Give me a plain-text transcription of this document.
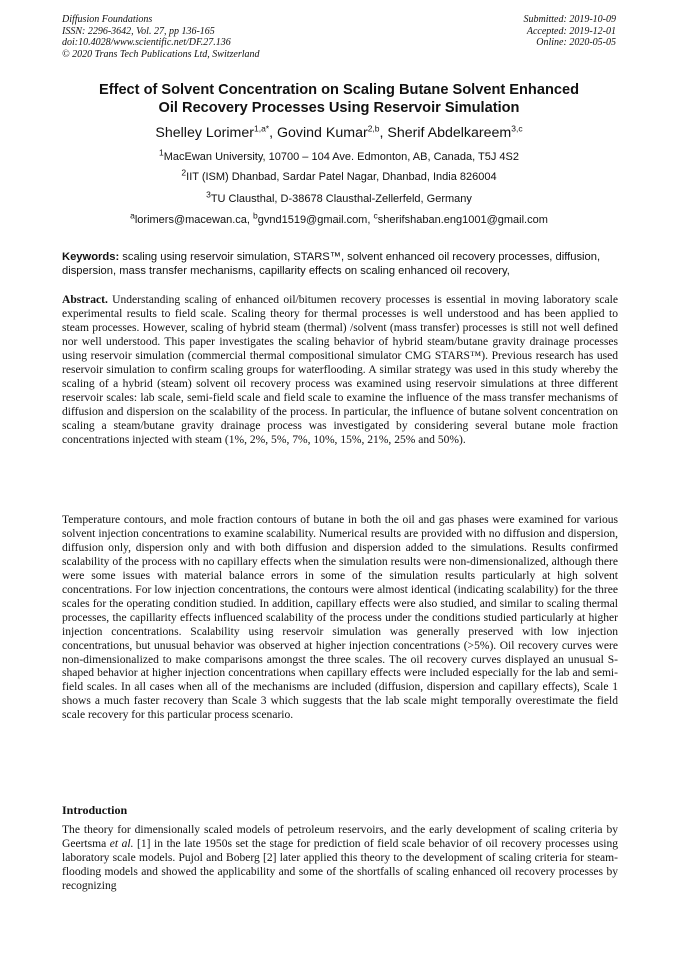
Diffusion Foundations
ISSN: 2296-3642, Vol. 27, pp 136-165
doi:10.4028/www.scientific.net/DF.27.136
© 2020 Trans Tech Publications Ltd, Switzerland
Submitted: 2019-10-09
Accepted: 2019-12-01
Online: 2020-05-05
Effect of Solvent Concentration on Scaling Butane Solvent Enhanced
Oil Recovery Processes Using Reservoir Simulation
Shelley Lorimer$^{1,a*}$, Govind Kumar$^{2,b}$, Sherif Abdelkareem$^{3,c}$
$^1$MacEwan University, 10700 – 104 Ave. Edmonton, AB, Canada, T5J 4S2
$^2$IIT (ISM) Dhanbad, Sardar Patel Nagar, Dhanbad, India 826004
$^3$TU Clausthal, D-38678 Clausthal-Zellerfeld, Germany
$^a$lorimers@macewan.ca, $^b$gvnd1519@gmail.com, $^c$sherifshaban.eng1001@gmail.com
Keywords: scaling using reservoir simulation, STARS™, solvent enhanced oil recovery processes, diffusion, dispersion, mass transfer mechanisms, capillarity effects on scaling enhanced oil recovery,

Abstract. Understanding scaling of enhanced oil/bitumen recovery processes is essential in moving laboratory scale experimental results to field scale. Scaling theory for thermal processes is well understood and has been applied to steam processes. However, scaling of hybrid steam (thermal) /solvent (mass transfer) processes is still not well defined nor well understood. This paper investigates the scaling behavior of hybrid steam/butane gravity drainage processes using reservoir simulation (commercial thermal compositional simulator CMG STARS™). Previous research has used reservoir simulation to confirm scaling groups for waterflooding. A similar strategy was used in this study whereby the scaling of a hybrid (steam) solvent oil recovery process was examined using reservoir simulations at three different reservoir scales: lab scale, semi-field scale and field scale to examine the influence of the mass transfer mechanisms of diffusion and dispersion on the scalability of the process. In particular, the influence of butane solvent concentration on scaling a steam/butane gravity drainage process was investigated by considering several butane mole fraction concentrations injected with steam (1%, 2%, 5%, 7%, 10%, 15%, 21%, 25% and 50%).

Temperature contours, and mole fraction contours of butane in both the oil and gas phases were examined for various solvent injection concentrations to examine scalability. Numerical results are provided with no diffusion and dispersion, diffusion only, dispersion only and with both diffusion and dispersion added to the simulations. Results confirmed scalability of the process with no capillary effects when the simulation results were non-dimensionalized, although there were some issues with material balance errors in some of the simulation results particularly at high solvent concentrations. For low injection concentrations, the contours were almost identical (indicating scalability) for the three scales for the operating condition studied. In addition, capillary effects were also studied, and similar to scaling thermal processes, the capillarity effects influenced scalability of the process under the conditions studied particularly at higher injection concentrations. Scalability using reservoir simulation was generally preserved with low injection concentrations, but unusual behavior was observed at higher injection concentrations (>5%). Oil recovery curves were non-dimensionalized to make comparisons amongst the three scales. The oil recovery curves displayed an unusual S-shaped behavior at higher injection concentrations when capillary effects were included especially for the lab and semi-field scales. In all cases when all of the mechanisms are included (diffusion, dispersion and capillary effects), Scale 1 shows a much faster recovery than Scale 3 which suggests that the lab scale might temporally overestimate the field scale recovery for this particular process scenario.

Introduction

The theory for dimensionally scaled models of petroleum reservoirs, and the early development of scaling criteria by Geertsma et al. [1] in the late 1950s set the stage for prediction of field scale behavior of oil recovery processes using laboratory scale models. Pujol and Boberg [2] later applied this theory to the development of scaling criteria for steam-flooding models and showed the applicability and some of the shortfalls of scaling enhanced oil recovery processes by recognizing
